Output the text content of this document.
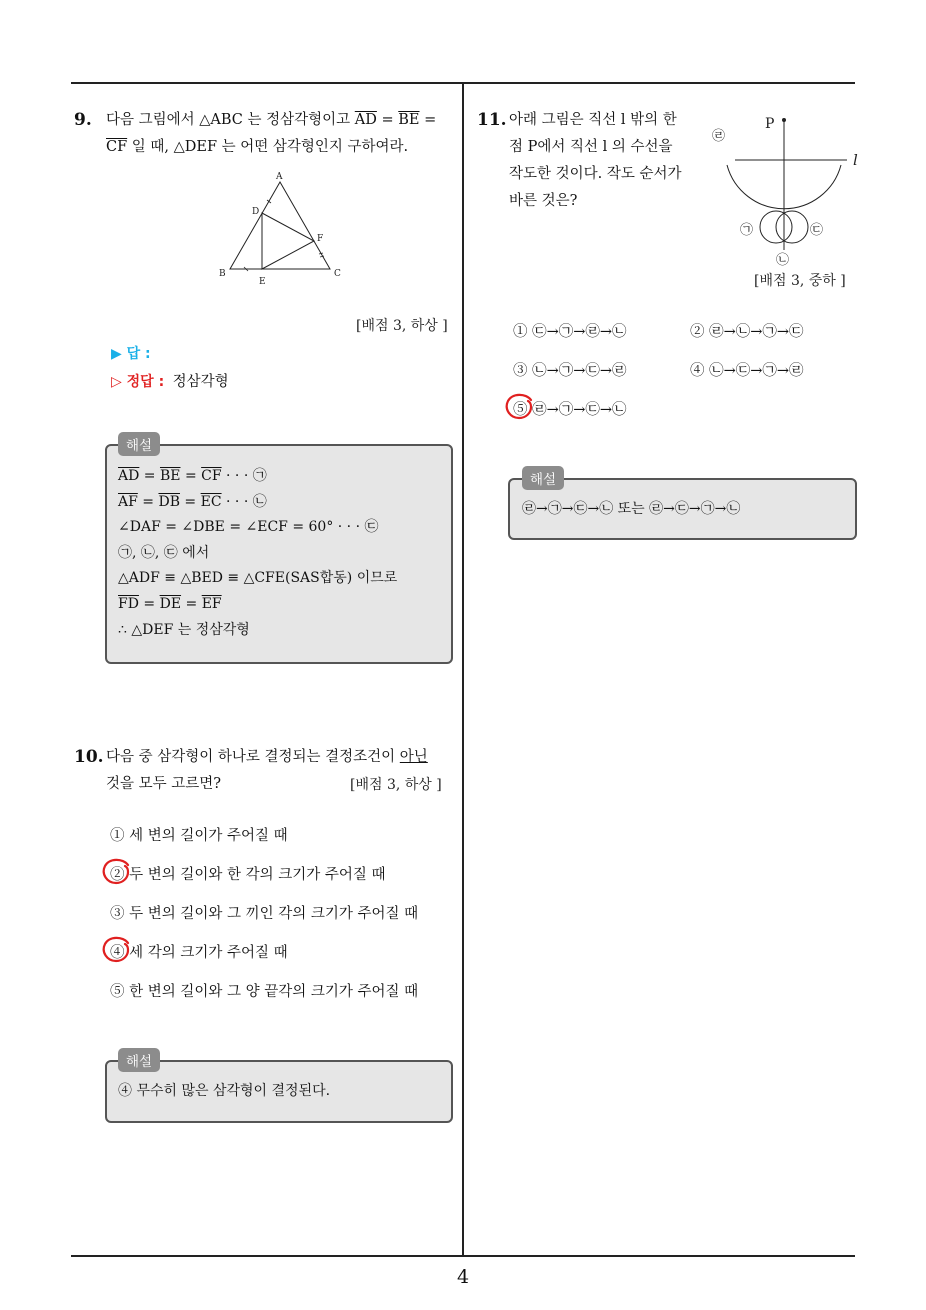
4
9. 다음 그림에서 △ABC 는 정삼각형이고 $\overline{AD} = \overline{BE}$ =
$\overline{CF}$ 일 때, △DEF 는 어떤 삼각형인지 구하여라.
A
D
F
B
E
C
[배점 3, 하상 ]
▶ 답 :
▷ 정답 : 정삼각형
해설
$\overline{AD} = \overline{BE} = \overline{CF}$ · · · ㉠
$\overline{AF} = \overline{DB} = \overline{EC}$ · · · ㉡
∠DAF = ∠DBE = ∠ECF = 60° · · · ㉢
㉠, ㉡, ㉢ 에서
△ADF ≡ △BED ≡ △CFE(SAS합동) 이므로
$\overline{FD} = \overline{DE} = \overline{EF}$
∴ △DEF 는 정삼각형
10. 다음 중 삼각형이 하나로 결정되는 결정조건이 아닌
것을 모두 고르면?	[배점 3, 하상 ]
① 세 변의 길이가 주어질 때
② 두 변의 길이와 한 각의 크기가 주어질 때
③ 두 변의 길이와 그 끼인 각의 크기가 주어질 때
④ 세 각의 크기가 주어질 때
⑤ 한 변의 길이와 그 양 끝각의 크기가 주어질 때
해설
④ 무수히 많은 삼각형이 결정된다.
11. 아래 그림은 직선 l 밖의 한
점 P에서 직선 l 의 수선을
작도한 것이다. 작도 순서가
바른 것은?
P
l
㉣
㉠	㉢
㉡
[배점 3, 중하 ]
① ㉢→㉠→㉣→㉡	② ㉣→㉡→㉠→㉢
③ ㉡→㉠→㉢→㉣	④ ㉡→㉢→㉠→㉣
⑤ ㉣→㉠→㉢→㉡
해설
㉣→㉠→㉢→㉡ 또는 ㉣→㉢→㉠→㉡
